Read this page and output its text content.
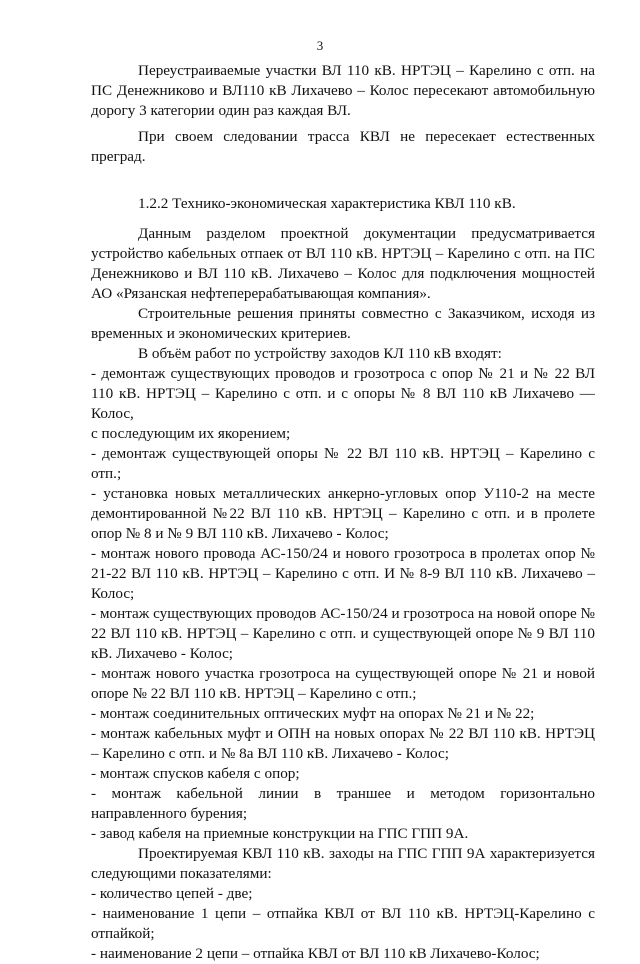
3

Переустраиваемые участки ВЛ 110 кВ. НРТЭЦ – Карелино с отп. на ПС Денежниково и ВЛ110 кВ Лихачево – Колос пересекают автомобильную дорогу 3 категории один раз каждая ВЛ.

При своем следовании трасса КВЛ не пересекает естественных преград.

1.2.2 Технико-экономическая характеристика КВЛ 110 кВ.

Данным разделом проектной документации предусматривается устройство кабельных отпаек от ВЛ 110 кВ. НРТЭЦ – Карелино с отп. на ПС Денежниково и ВЛ 110 кВ. Лихачево – Колос для подключения мощностей АО «Рязанская нефтеперерабатывающая компания».

Строительные решения приняты совместно с Заказчиком, исходя из временных и экономических критериев.

В объём работ по устройству заходов КЛ 110 кВ входят:

- демонтаж существующих проводов и грозотроса с опор № 21 и № 22 ВЛ 110 кВ. НРТЭЦ – Карелино с отп. и с опоры № 8 ВЛ 110 кВ Лихачево — Колос,
с последующим их якорением;
- демонтаж существующей опоры № 22 ВЛ 110 кВ. НРТЭЦ – Карелино с отп.;
- установка новых металлических анкерно-угловых опор У110-2 на месте демонтированной №22 ВЛ 110 кВ. НРТЭЦ – Карелино с отп. и в пролете опор № 8 и № 9 ВЛ 110 кВ. Лихачево - Колос;
- монтаж нового провода АС-150/24 и нового грозотроса в пролетах опор № 21-22 ВЛ 110 кВ. НРТЭЦ – Карелино с отп. И № 8-9 ВЛ 110 кВ. Лихачево – Колос;
- монтаж существующих проводов АС-150/24 и грозотроса на новой опоре № 22 ВЛ 110 кВ. НРТЭЦ – Карелино с отп. и существующей опоре № 9 ВЛ 110 кВ. Лихачево - Колос;
- монтаж нового участка грозотроса на существующей опоре № 21 и новой опоре № 22 ВЛ 110 кВ. НРТЭЦ – Карелино с отп.;
- монтаж соединительных оптических муфт на опорах № 21 и № 22;
- монтаж кабельных муфт и ОПН на новых опорах № 22 ВЛ 110 кВ. НРТЭЦ – Карелино с отп. и № 8а ВЛ 110 кВ. Лихачево - Колос;
- монтаж спусков кабеля с опор;
- монтаж кабельной линии в траншее и методом горизонтально направленного бурения;
- завод кабеля на приемные конструкции на ГПС ГПП 9А.

Проектируемая КВЛ 110 кВ. заходы на ГПС ГПП 9А характеризуется следующими показателями:

- количество цепей - две;
- наименование 1 цепи – отпайка КВЛ от ВЛ 110 кВ. НРТЭЦ-Карелино с отпайкой;
- наименование 2 цепи – отпайка КВЛ от ВЛ 110 кВ Лихачево-Колос;
